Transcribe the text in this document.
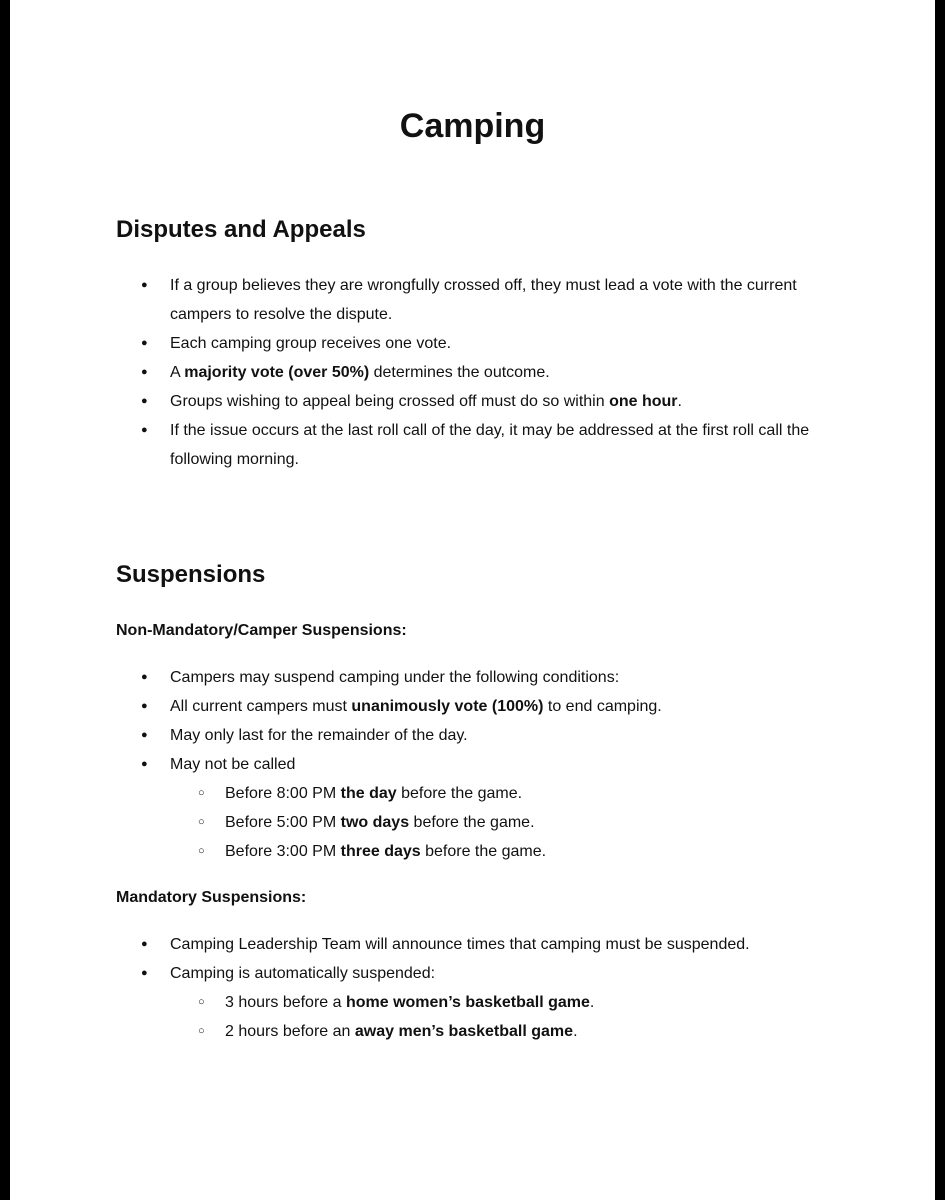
Camping
Disputes and Appeals
● If a group believes they are wrongfully crossed off, they must lead a vote with the current campers to resolve the dispute.
● Each camping group receives one vote.
● A majority vote (over 50%) determines the outcome.
● Groups wishing to appeal being crossed off must do so within one hour.
● If the issue occurs at the last roll call of the day, it may be addressed at the first roll call the following morning.
Suspensions
Non-Mandatory/Camper Suspensions:
● Campers may suspend camping under the following conditions:
● All current campers must unanimously vote (100%) to end camping.
● May only last for the remainder of the day.
● May not be called
○ Before 8:00 PM the day before the game.
○ Before 5:00 PM two days before the game.
○ Before 3:00 PM three days before the game.
Mandatory Suspensions:
● Camping Leadership Team will announce times that camping must be suspended.
● Camping is automatically suspended:
○ 3 hours before a home women’s basketball game.
○ 2 hours before an away men’s basketball game.
